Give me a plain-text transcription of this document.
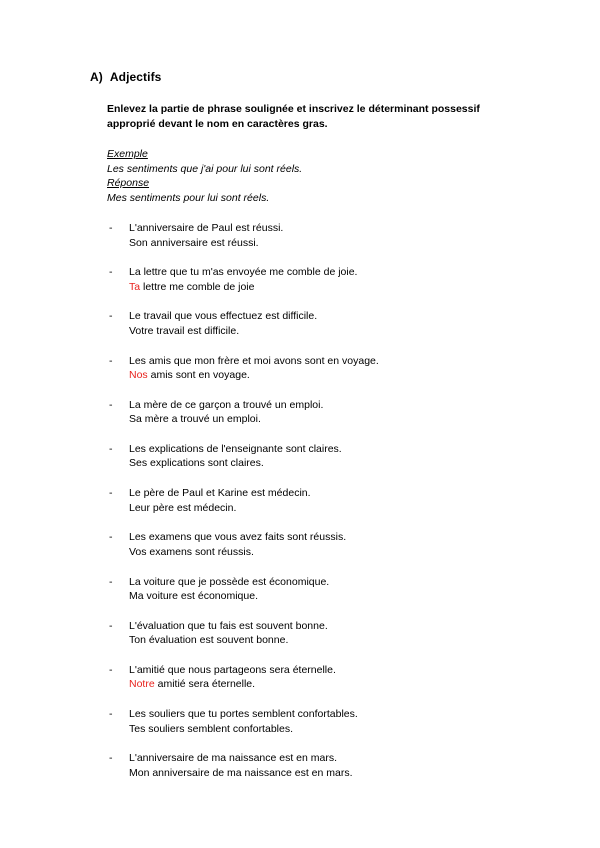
A) Adjectifs
Enlevez la partie de phrase soulignée et inscrivez le déterminant possessif
approprié devant le nom en caractères gras.
Exemple
Les sentiments que j'ai pour lui sont réels.
Réponse
Mes sentiments pour lui sont réels.
-	L'anniversaire de Paul est réussi.
Son anniversaire est réussi.
-	La lettre que tu m'as envoyée me comble de joie.
Ta lettre me comble de joie
-	Le travail que vous effectuez est difficile.
Votre travail est difficile.
-	Les amis que mon frère et moi avons sont en voyage.
Nos amis sont en voyage.
-	La mère de ce garçon a trouvé un emploi.
Sa mère a trouvé un emploi.
-	Les explications de l'enseignante sont claires.
Ses explications sont claires.
-	Le père de Paul et Karine est médecin.
Leur père est médecin.
-	Les examens que vous avez faits sont réussis.
Vos examens sont réussis.
-	La voiture que je possède est économique.
Ma voiture est économique.
-	L'évaluation que tu fais est souvent bonne.
Ton évaluation est souvent bonne.
-	L'amitié que nous partageons sera éternelle.
Notre amitié sera éternelle.
-	Les souliers que tu portes semblent confortables.
Tes souliers semblent confortables.
-	L'anniversaire de ma naissance est en mars.
Mon anniversaire de ma naissance est en mars.
